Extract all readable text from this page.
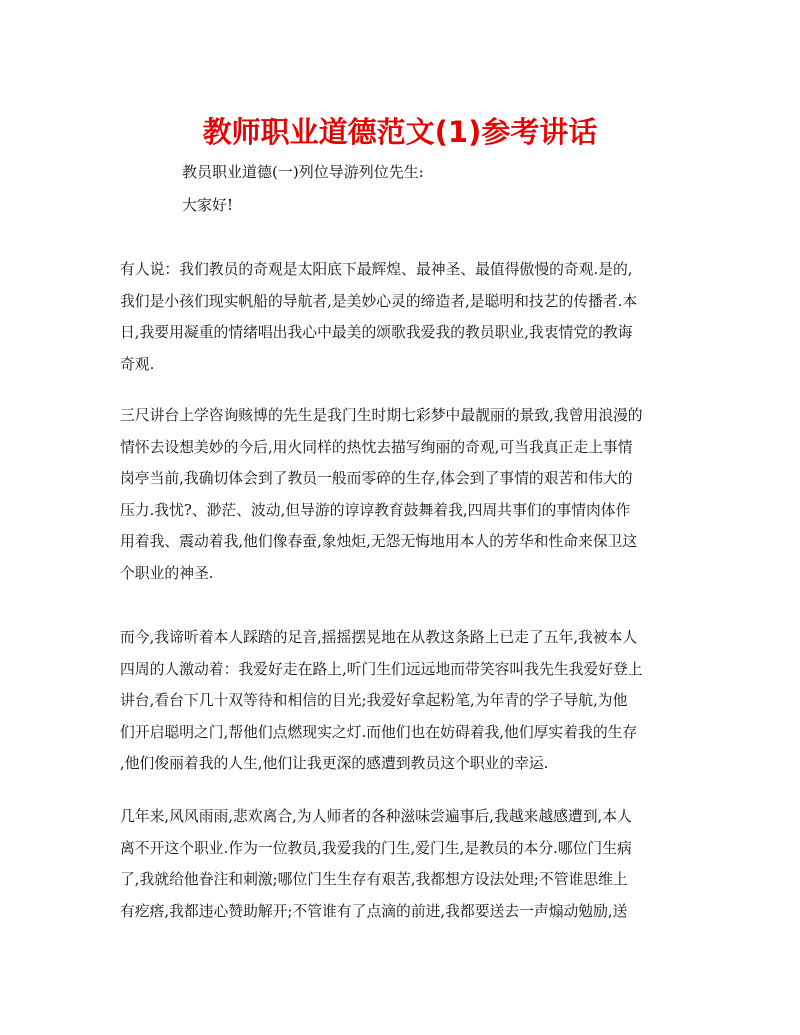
教师职业道德范文(1)参考讲话
教员职业道德(一)列位导游列位先生:
大家好!
有人说：我们教员的奇观是太阳底下最辉煌、最神圣、最值得傲慢的奇观.是的,
我们是小孩们现实帆船的导航者,是美妙心灵的缔造者,是聪明和技艺的传播者.本
日,我要用凝重的情绪唱出我心中最美的颂歌我爱我的教员职业,我衷情党的教诲
奇观.
三尺讲台上学咨询赅博的先生是我门生时期七彩梦中最靓丽的景致,我曾用浪漫的
情怀去设想美妙的今后,用火同样的热忱去描写绚丽的奇观,可当我真正走上事情
岗亭当前,我确切体会到了教员一般而零碎的生存,体会到了事情的艰苦和伟大的
压力.我忧?、渺茫、波动,但导游的谆谆教育鼓舞着我,四周共事们的事情肉体作
用着我、震动着我,他们像春蚕,象烛炬,无怨无悔地用本人的芳华和性命来保卫这
个职业的神圣.
而今,我谛听着本人踩踏的足音,摇摇摆晃地在从教这条路上已走了五年,我被本人
四周的人激动着：我爱好走在路上,听门生们远远地而带笑容叫我先生我爱好登上
讲台,看台下几十双等待和相信的目光;我爱好拿起粉笔,为年青的学子导航,为他
们开启聪明之门,帮他们点燃现实之灯.而他们也在妨碍着我,他们厚实着我的生存
,他们俊丽着我的人生,他们让我更深的感遭到教员这个职业的幸运.
几年来,风风雨雨,悲欢离合,为人师者的各种滋味尝遍事后,我越来越感遭到,本人
离不开这个职业.作为一位教员,我爱我的门生,爱门生,是教员的本分.哪位门生病
了,我就给他眷注和刺激;哪位门生生存有艰苦,我都想方设法处理;不管谁思维上
有疙瘩,我都违心赞助解开;不管谁有了点滴的前进,我都要送去一声煽动勉励,送
